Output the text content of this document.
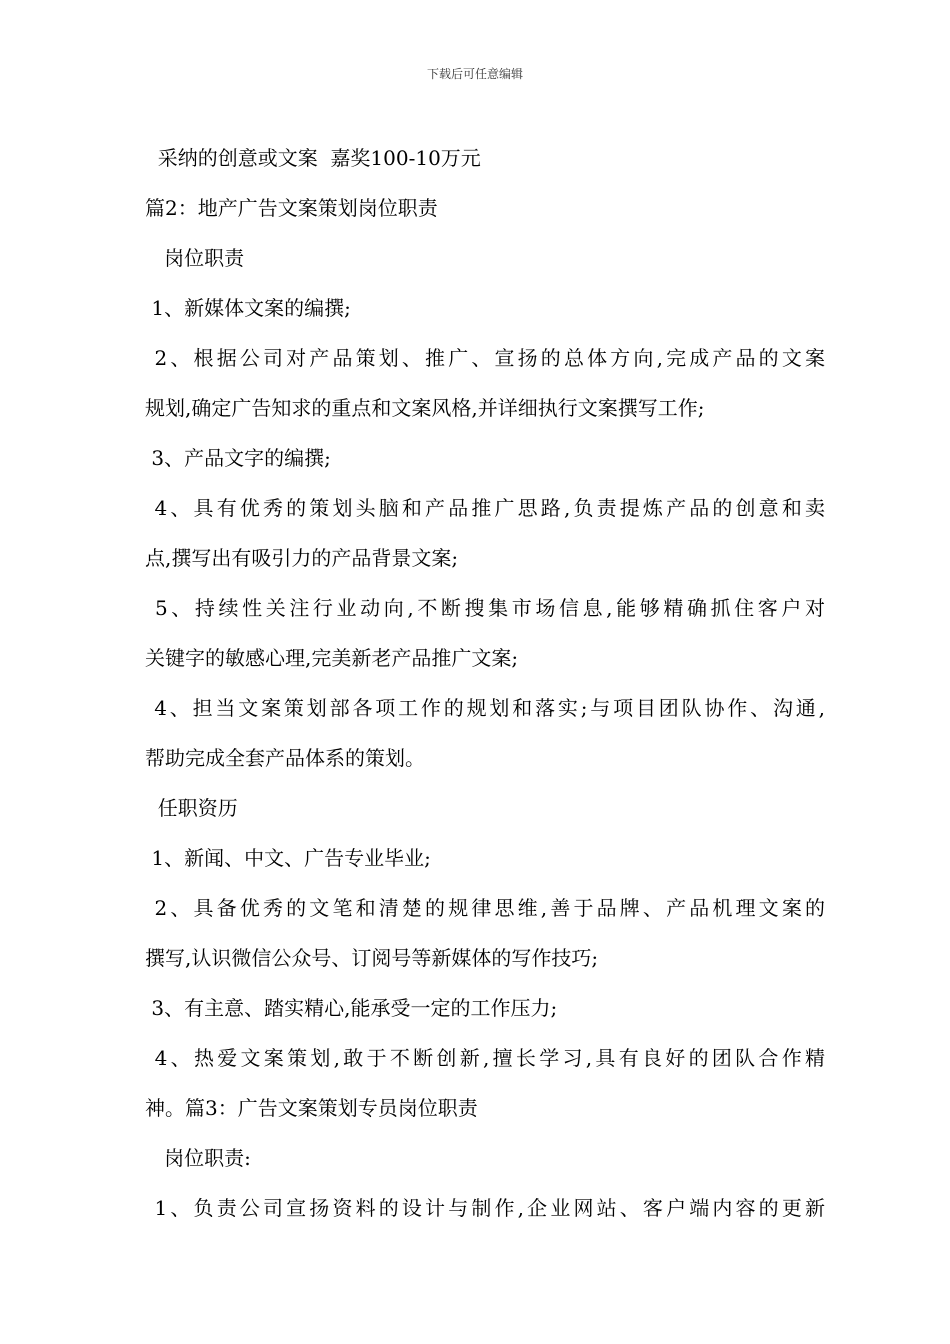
下载后可任意编辑
采纳的创意或文案  嘉奖100-10万元
篇2：地产广告文案策划岗位职责
岗位职责
1、新媒体文案的编撰;
2、根据公司对产品策划、推广、宣扬的总体方向,完成产品的文案
规划,确定广告知求的重点和文案风格,并详细执行文案撰写工作;
3、产品文字的编撰;
4、具有优秀的策划头脑和产品推广思路,负责提炼产品的创意和卖
点,撰写出有吸引力的产品背景文案;
5、持续性关注行业动向,不断搜集市场信息,能够精确抓住客户对
关键字的敏感心理,完美新老产品推广文案;
4、担当文案策划部各项工作的规划和落实;与项目团队协作、沟通,
帮助完成全套产品体系的策划。
任职资历
1、新闻、中文、广告专业毕业;
2、具备优秀的文笔和清楚的规律思维,善于品牌、产品机理文案的
撰写,认识微信公众号、订阅号等新媒体的写作技巧;
3、有主意、踏实精心,能承受一定的工作压力;
4、热爱文案策划,敢于不断创新,擅长学习,具有良好的团队合作精
神。篇3：广告文案策划专员岗位职责
岗位职责:
1、负责公司宣扬资料的设计与制作,企业网站、客户端内容的更新
